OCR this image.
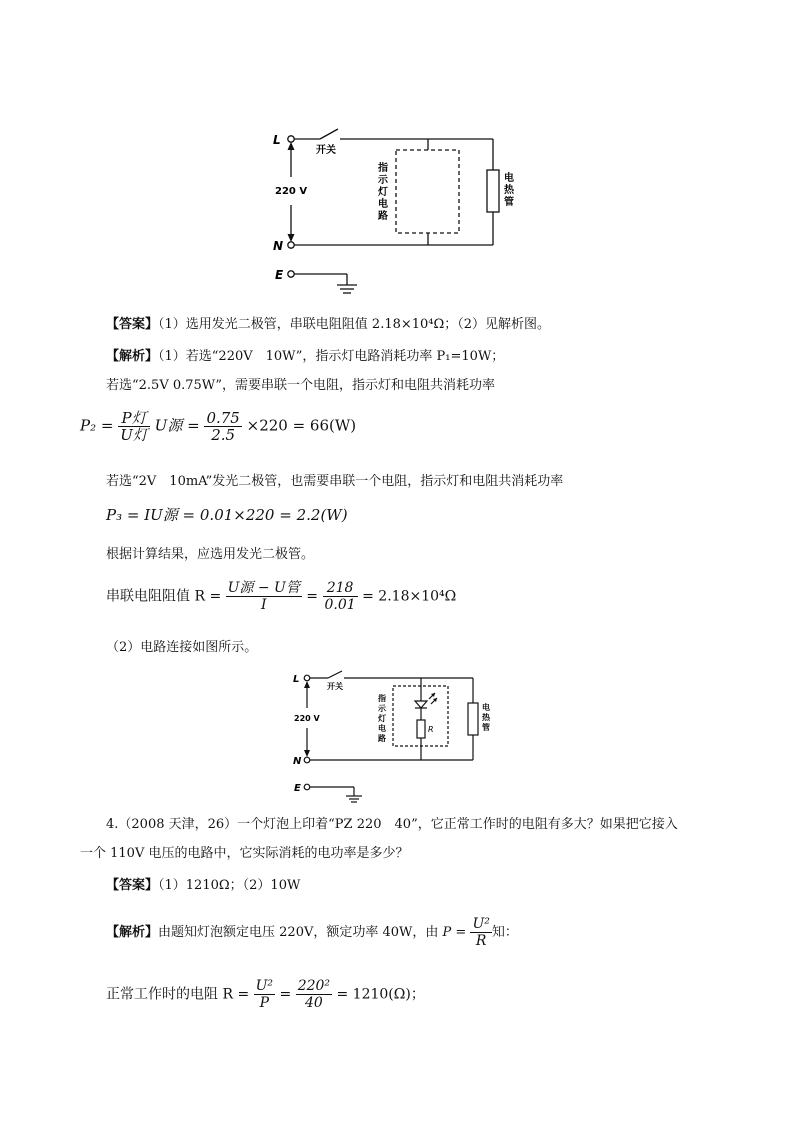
L
N
E
开关
220 V
指
示
灯
电
路
电
热
管
【答案】（1）选用发光二极管，串联电阻阻值 2.18×10⁴Ω；（2）见解析图。
【解析】（1）若选“220V　10W”，指示灯电路消耗功率 P₁=10W；
若选“2.5V 0.75W”，需要串联一个电阻，指示灯和电阻共消耗功率
$P_2 = \frac{\text{P灯}}{\text{U灯}}$ U源 = $\frac{0.75}{2.5} \times 220 = 66(W)$
若选“2V　10mA”发光二极管，也需要串联一个电阻，指示灯和电阻共消耗功率
P₃ = IU源 = 0.01×220 = 2.2(W)
根据计算结果，应选用发光二极管。
串联电阻阻值 $R = \frac{\text{U源 − U管}}{I} = \frac{218}{0.01} = 2.18\times 10^4\Omega$
（2）电路连接如图所示。
L
N
E
开关
220 V
R
指
示
灯
电
路
电
热
管
4.（2008 天津，26）一个灯泡上印着“PZ 220　40”，它正常工作时的电阻有多大？如果把它接入
一个 110V 电压的电路中，它实际消耗的电功率是多少？
【答案】（1）1210Ω；（2）10W
【解析】由题知灯泡额定电压 220V，额定功率 40W，由 $P = \frac{\text{U²}}{R}$ 知：
正常工作时的电阻 $R = \frac{\text{U²}}{P} = \frac{\text{220²}}{40} = 1210(\Omega)$；
